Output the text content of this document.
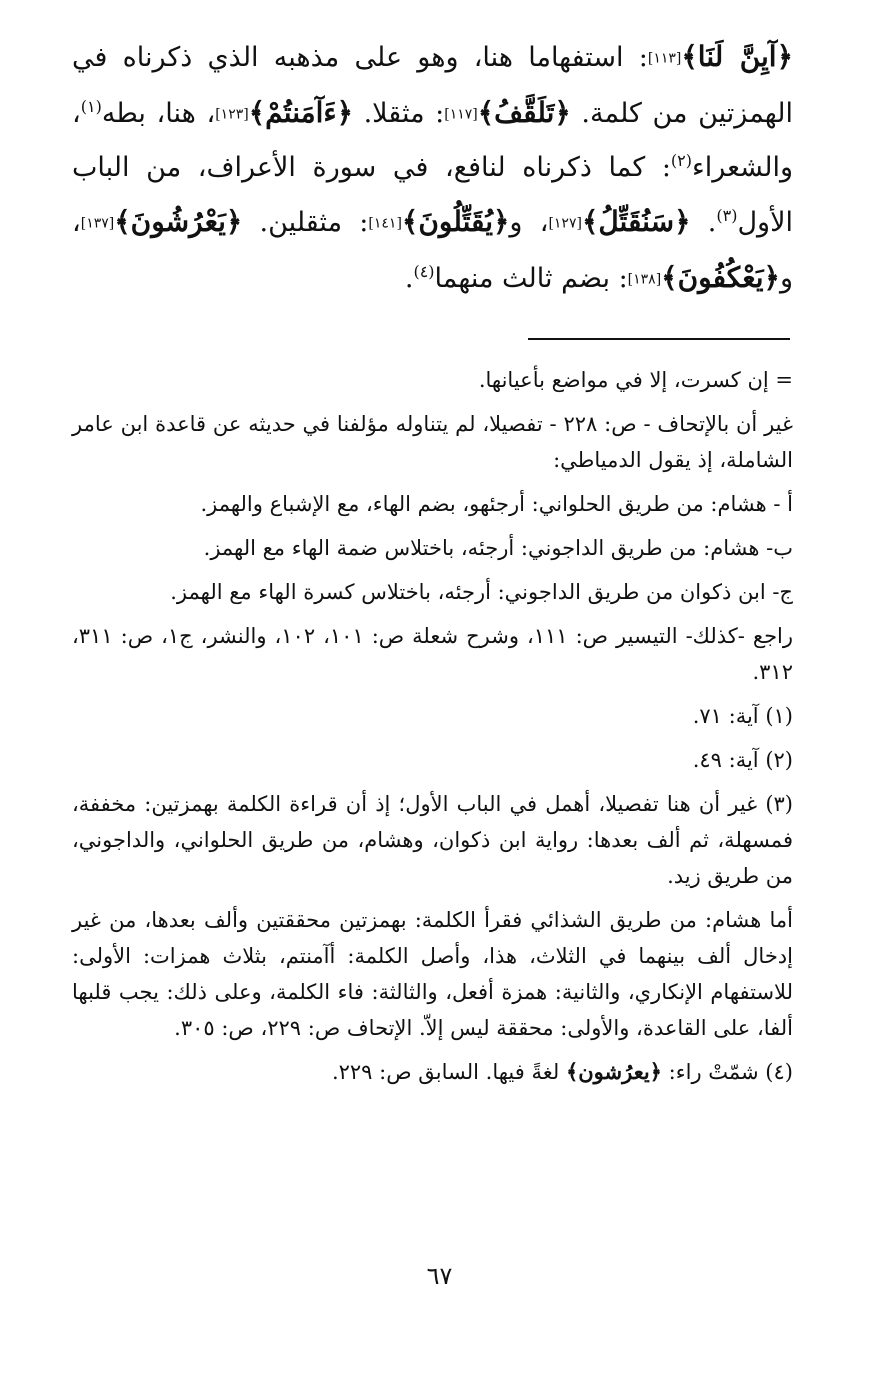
﴿آيِنَّ لَنَا﴾[١١٣]: استفهاما هنا، وهو على مذهبه الذي ذكرناه في الهمزتين من كلمة. ﴿تَلَقَّفُ﴾[١١٧]: مثقلا. ﴿ءَآمَنتُمْ﴾[١٢٣]، هنا، بطه$^{(١)}$، والشعراء$^{(٢)}$: كما ذكرناه لنافع، في سورة الأعراف، من الباب الأول$^{(٣)}$. ﴿سَنُقَتِّلُ﴾[١٢٧]، و﴿يُقَتِّلُونَ﴾[١٤١]: مثقلين. ﴿يَعْرُشُونَ﴾[١٣٧]، و﴿يَعْكُفُونَ﴾[١٣٨]: بضم ثالث منهما$^{(٤)}$.

= إن كسرت، إلا في مواضع بأعيانها.

غير أن بالإتحاف - ص: ٢٢٨ - تفصيلا، لم يتناوله مؤلفنا في حديثه عن قاعدة ابن عامر الشاملة، إذ يقول الدمياطي:

أ - هشام: من طريق الحلواني: أرجئهو، بضم الهاء، مع الإشباع والهمز.

ب- هشام: من طريق الداجوني: أرجئه، باختلاس ضمة الهاء مع الهمز.

ج- ابن ذكوان من طريق الداجوني: أرجئه، باختلاس كسرة الهاء مع الهمز.

راجع -كذلك- التيسير ص: ١١١، وشرح شعلة ص: ١٠١، ١٠٢، والنشر، ج١، ص: ٣١١، ٣١٢.

(١) آية: ٧١.

(٢) آية: ٤٩.

(٣) غير أن هنا تفصيلا، أهمل في الباب الأول؛ إذ أن قراءة الكلمة بهمزتين: مخففة، فمسهلة، ثم ألف بعدها: رواية ابن ذكوان، وهشام، من طريق الحلواني، والداجوني، من طريق زيد.

أما هشام: من طريق الشذائي فقرأ الكلمة: بهمزتين محققتين وألف بعدها، من غير إدخال ألف بينهما في الثلاث، هذا، وأصل الكلمة: أآمنتم، بثلاث همزات: الأولى: للاستفهام الإنكاري، والثانية: همزة أفعل، والثالثة: فاء الكلمة، وعلى ذلك: يجب قلبها ألفا، على القاعدة، والأولى: محققة ليس إلاّ. الإتحاف ص: ٢٢٩، ص: ٣٠٥.

(٤) شمّتْ راء: ﴿يعرُشون﴾ لغةً فيها. السابق ص: ٢٢٩.

٦٧
